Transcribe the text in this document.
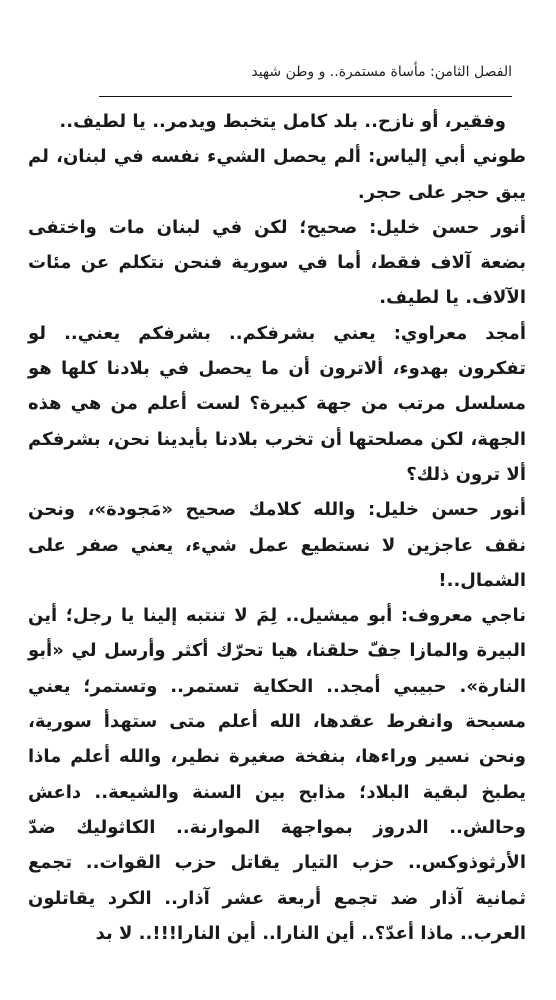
الفصل الثامن: مأساة مستمرة.. و وطن شهيد

وفقير، أو نازح.. بلد كامل يتخبط ويدمر.. يا لطيف..

طوني أبي إلياس: ألم يحصل الشيء نفسه في لبنان، لم يبق حجر على حجر.

أنور حسن خليل: صحيح؛ لكن في لبنان مات واختفى بضعة آلاف فقط، أما في سورية فنحن نتكلم عن مئات الآلاف. يا لطيف.

أمجد معراوي: يعني بشرفكم.. بشرفكم يعني.. لو تفكرون بهدوء، ألاترون أن ما يحصل في بلادنا كلها هو مسلسل مرتب من جهة كبيرة؟ لست أعلم من هي هذه الجهة، لكن مصلحتها أن تخرب بلادنا بأيدينا نحن، بشرفكم ألا ترون ذلك؟

أنور حسن خليل: والله كلامك صحيح «مَجودة»، ونحن نقف عاجزين لا نستطيع عمل شيء، يعني صفر على الشمال..!

ناجي معروف: أبو ميشيل.. لِمَ لا تنتبه إلينا يا رجل؛ أين البيرة والمازا جفّ حلقنا، هيا تحرّك أكثر وأرسل لي «أبو النارة». حبيبي أمجد.. الحكاية تستمر.. وتستمر؛ يعني مسبحة وانفرط عقدها، الله أعلم متى ستهدأ سورية، ونحن نسير وراءها، بنفخة صغيرة نطير، والله أعلم ماذا يطبخ لبقية البلاد؛ مذابح بين السنة والشيعة.. داعش وحالش.. الدروز بمواجهة الموارنة.. الكاثوليك ضدّ الأرثوذوكس.. حزب التيار يقاتل حزب القوات.. تجمع ثمانية آذار ضد تجمع أربعة عشر آذار.. الكرد يقاتلون العرب.. ماذا أعدّ؟.. أين النارا.. أين النارا!!!.. لا بد
